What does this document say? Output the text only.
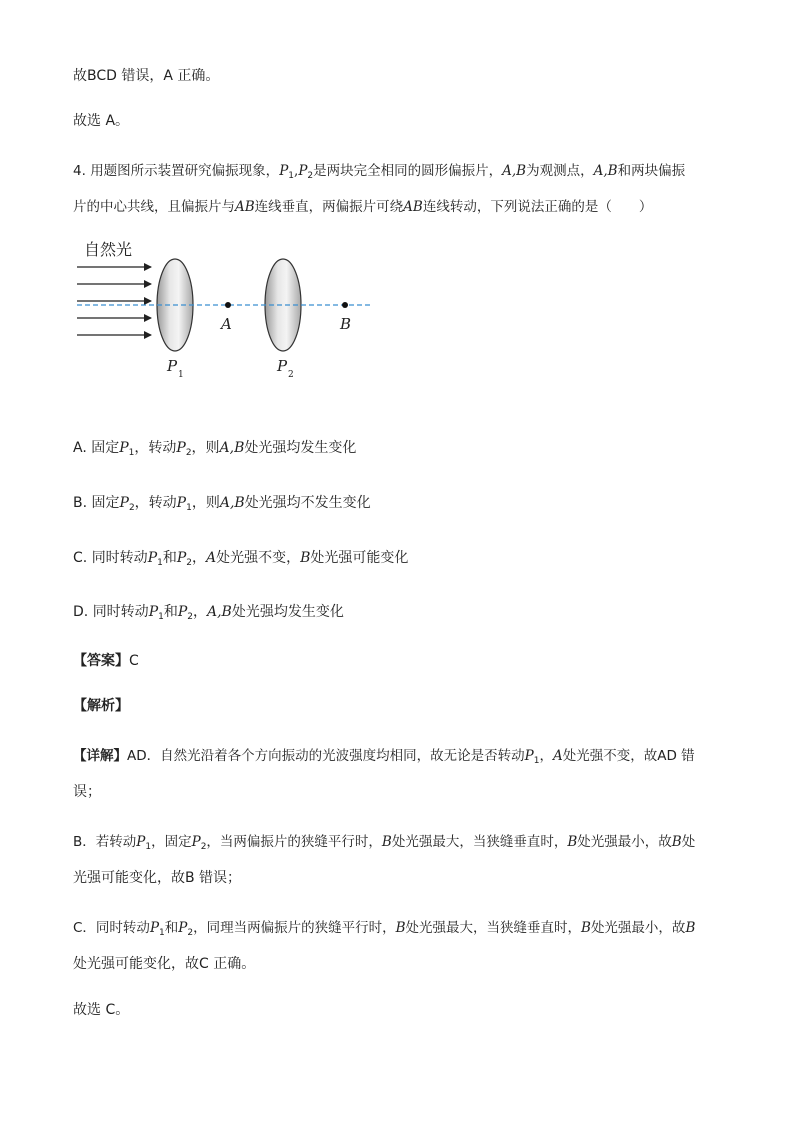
故BCD 错误，A 正确。
故选 A。
4. 用题图所示装置研究偏振现象，$P_1,P_2$是两块完全相同的圆形偏振片，A,B为观测点，A,B和两块偏振
片的中心共线，且偏振片与AB连线垂直，两偏振片可绕AB连线转动，下列说法正确的是（　　）
自然光
A	B
P 1	P 2
A. 固定$P_1$，转动$P_2$，则A,B处光强均发生变化
B. 固定$P_2$，转动$P_1$，则A,B处光强均不发生变化
C. 同时转动$P_1$和$P_2$，A处光强不变，B处光强可能变化
D. 同时转动$P_1$和$P_2$，A,B处光强均发生变化
【答案】C
【解析】
【详解】AD．自然光沿着各个方向振动的光波强度均相同，故无论是否转动$P_1$，A处光强不变，故AD 错
误；
B．若转动$P_1$，固定$P_2$，当两偏振片的狭缝平行时，B处光强最大，当狭缝垂直时，B处光强最小，故B处
光强可能变化，故B 错误；
C．同时转动$P_1$和$P_2$，同理当两偏振片的狭缝平行时，B处光强最大，当狭缝垂直时，B处光强最小，故B
处光强可能变化，故C 正确。
故选 C。
